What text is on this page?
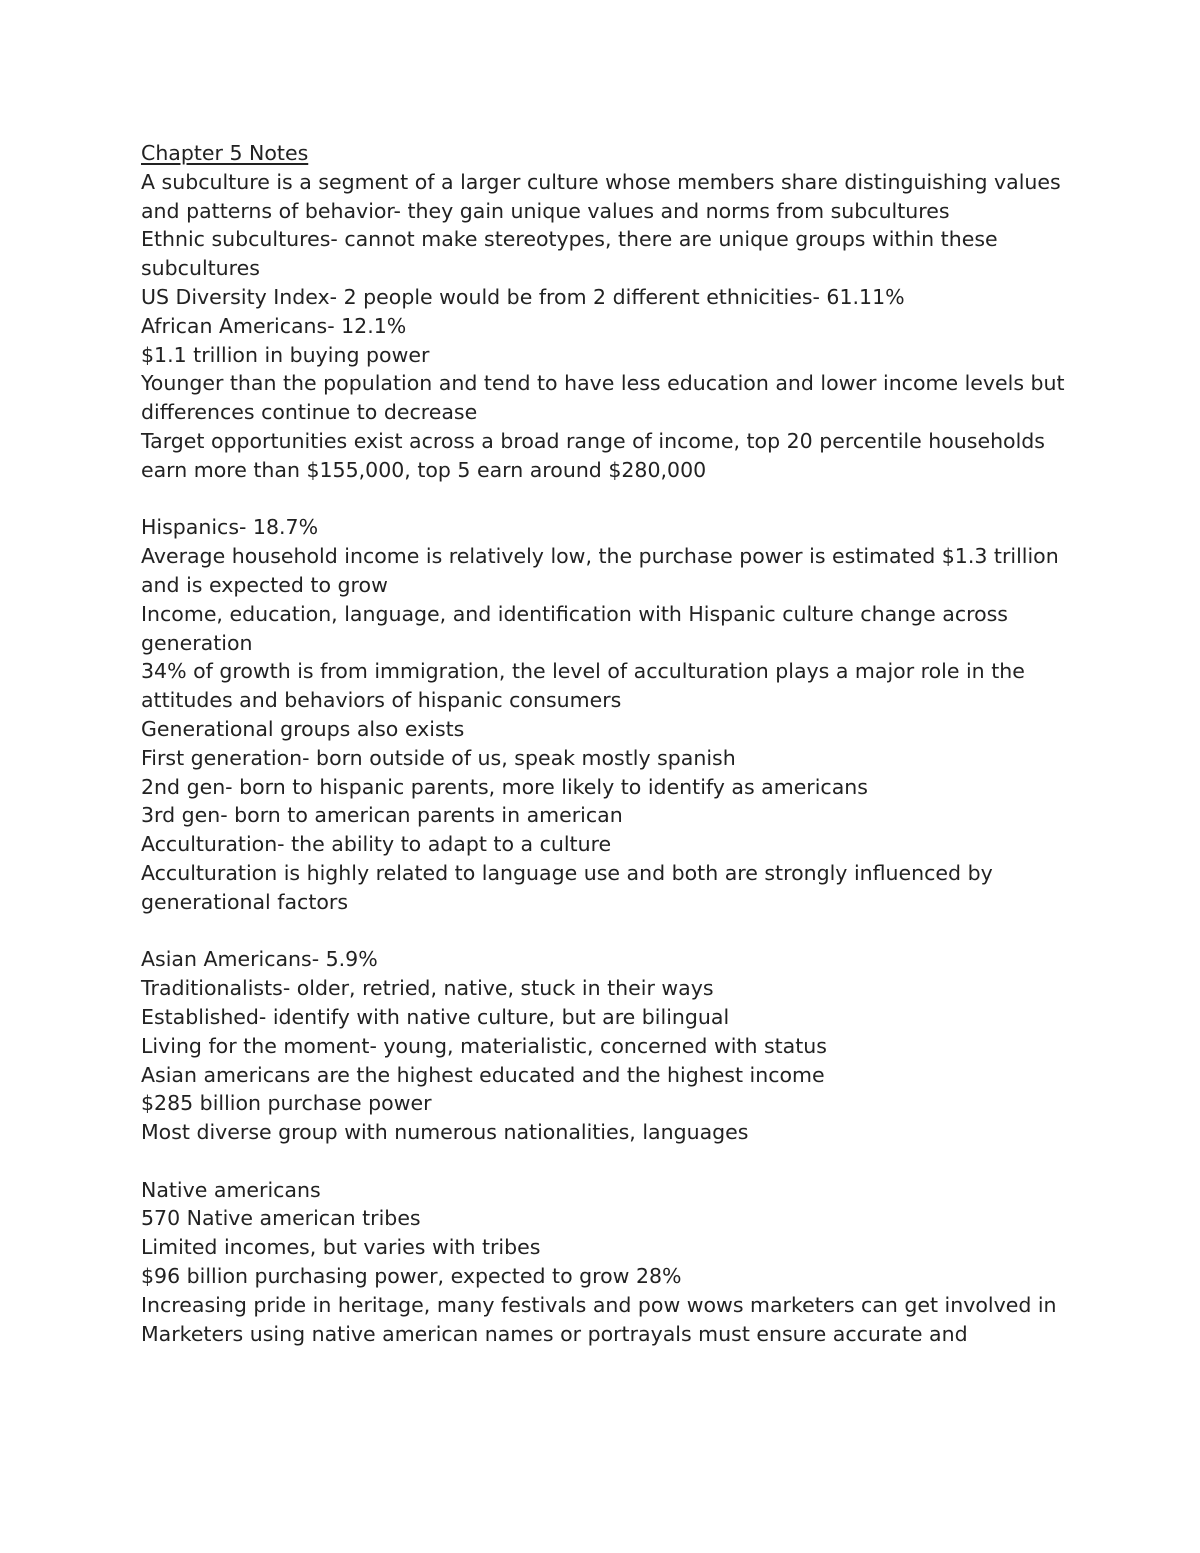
Chapter 5 Notes
A subculture is a segment of a larger culture whose members share distinguishing values and patterns of behavior- they gain unique values and norms from subcultures
Ethnic subcultures- cannot make stereotypes, there are unique groups within these subcultures
US Diversity Index- 2 people would be from 2 different ethnicities- 61.11%
African Americans- 12.1%
$1.1 trillion in buying power
Younger than the population and tend to have less education and lower income levels but differences continue to decrease
Target opportunities exist across a broad range of income, top 20 percentile households earn more than $155,000, top 5 earn around $280,000
Hispanics- 18.7%
Average household income is relatively low, the purchase power is estimated $1.3 trillion and is expected to grow
Income, education, language, and identification with Hispanic culture change across generation
34% of growth is from immigration, the level of acculturation plays a major role in the attitudes and behaviors of hispanic consumers
Generational groups also exists
First generation- born outside of us, speak mostly spanish
2nd gen- born to hispanic parents, more likely to identify as americans
3rd gen- born to american parents in american
Acculturation- the ability to adapt to a culture
Acculturation is highly related to language use and both are strongly influenced by generational factors
Asian Americans- 5.9%
Traditionalists- older, retried, native, stuck in their ways
Established- identify with native culture, but are bilingual
Living for the moment- young, materialistic, concerned with status
Asian americans are the highest educated and the highest income
$285 billion purchase power
Most diverse group with numerous nationalities, languages
Native americans
570 Native american tribes
Limited incomes, but varies with tribes
$96 billion purchasing power, expected to grow 28%
Increasing pride in heritage, many festivals and pow wows marketers can get involved in
Marketers using native american names or portrayals must ensure accurate and
